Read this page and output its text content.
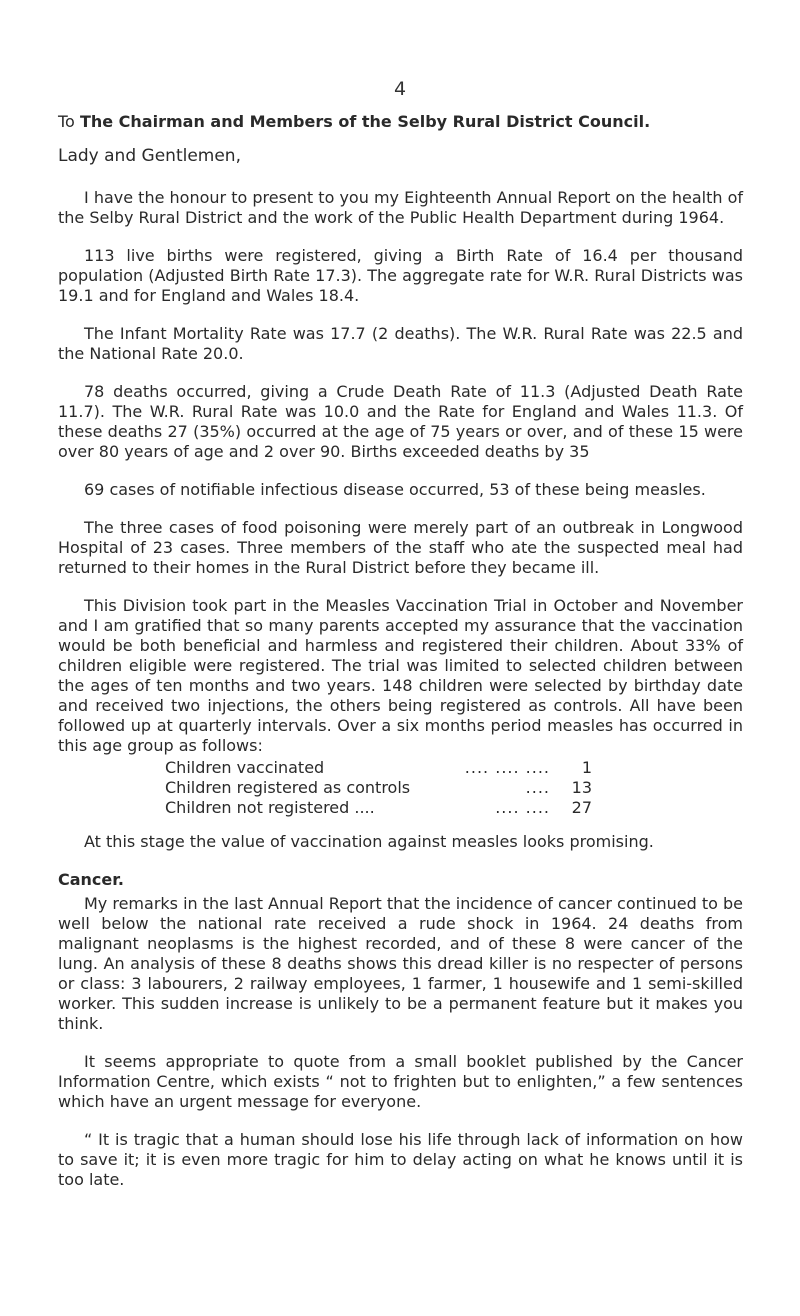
4
To The Chairman and Members of the Selby Rural District Council.
Lady and Gentlemen,

I have the honour to present to you my Eighteenth Annual Report on the health of the Selby Rural District and the work of the Public Health Department during 1964.

113 live births were registered, giving a Birth Rate of 16.4 per thousand population (Adjusted Birth Rate 17.3). The aggregate rate for W.R. Rural Districts was 19.1 and for England and Wales 18.4.

The Infant Mortality Rate was 17.7 (2 deaths). The W.R. Rural Rate was 22.5 and the National Rate 20.0.

78 deaths occurred, giving a Crude Death Rate of 11.3 (Adjusted Death Rate 11.7). The W.R. Rural Rate was 10.0 and the Rate for England and Wales 11.3. Of these deaths 27 (35%) occurred at the age of 75 years or over, and of these 15 were over 80 years of age and 2 over 90. Births exceeded deaths by 35

69 cases of notifiable infectious disease occurred, 53 of these being measles.

The three cases of food poisoning were merely part of an outbreak in Longwood Hospital of 23 cases. Three members of the staff who ate the suspected meal had returned to their homes in the Rural District before they became ill.

This Division took part in the Measles Vaccination Trial in October and November and I am gratified that so many parents accepted my assurance that the vaccination would be both beneficial and harmless and registered their children. About 33% of children eligible were registered. The trial was limited to selected children between the ages of ten months and two years. 148 children were selected by birthday date and received two injections, the others being registered as controls. All have been followed up at quarterly intervals. Over a six months period measles has occurred in this age group as follows:

Children vaccinated	.... .... ....	1
Children registered as controls	....	13
Children not registered ....	.... ....	27

At this stage the value of vaccination against measles looks promising.

Cancer.

My remarks in the last Annual Report that the incidence of cancer continued to be well below the national rate received a rude shock in 1964. 24 deaths from malignant neoplasms is the highest recorded, and of these 8 were cancer of the lung. An analysis of these 8 deaths shows this dread killer is no respecter of persons or class: 3 labourers, 2 railway employees, 1 farmer, 1 housewife and 1 semi-skilled worker. This sudden increase is unlikely to be a permanent feature but it makes you think.

It seems appropriate to quote from a small booklet published by the Cancer Information Centre, which exists “ not to frighten but to enlighten,” a few sentences which have an urgent message for everyone.

“ It is tragic that a human should lose his life through lack of information on how to save it; it is even more tragic for him to delay acting on what he knows until it is too late.
